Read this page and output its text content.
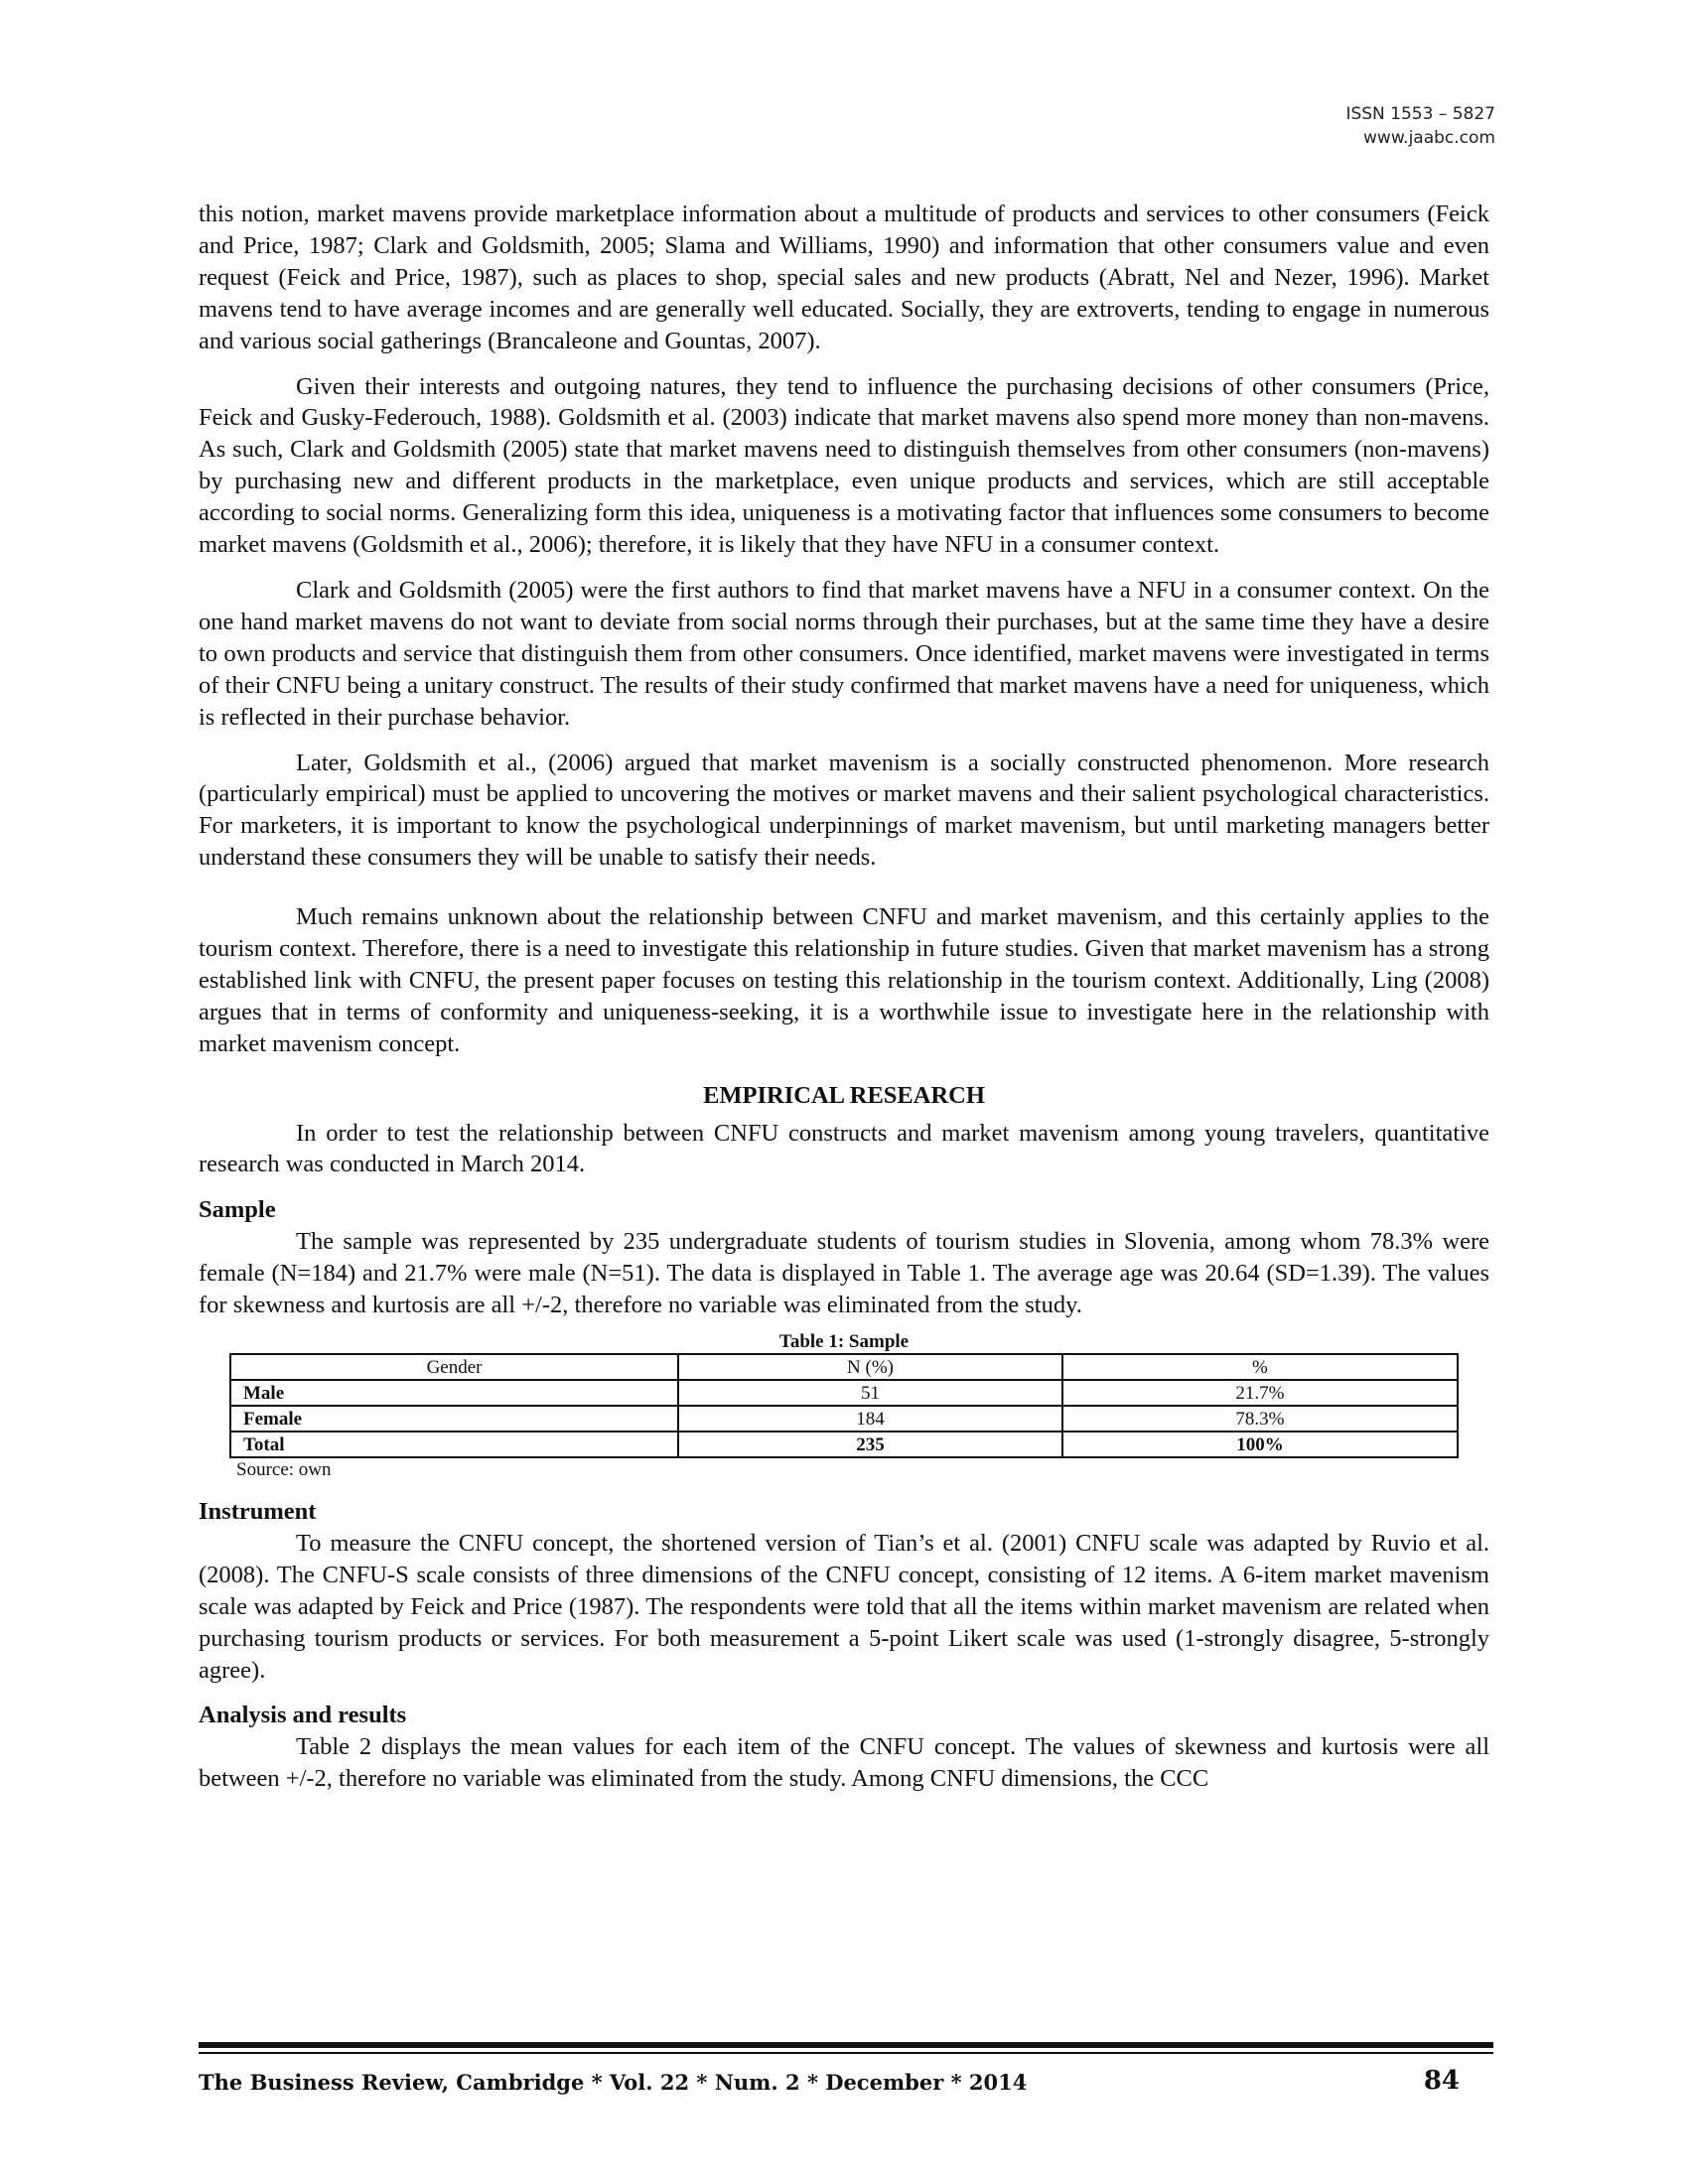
ISSN 1553 – 5827
www.jaabc.com

this notion, market mavens provide marketplace information about a multitude of products and services to other consumers (Feick and Price, 1987; Clark and Goldsmith, 2005; Slama and Williams, 1990) and information that other consumers value and even request (Feick and Price, 1987), such as places to shop, special sales and new products (Abratt, Nel and Nezer, 1996). Market mavens tend to have average incomes and are generally well educated. Socially, they are extroverts, tending to engage in numerous and various social gatherings (Brancaleone and Gountas, 2007).

Given their interests and outgoing natures, they tend to influence the purchasing decisions of other consumers (Price, Feick and Gusky-Federouch, 1988). Goldsmith et al. (2003) indicate that market mavens also spend more money than non-mavens. As such, Clark and Goldsmith (2005) state that market mavens need to distinguish themselves from other consumers (non-mavens) by purchasing new and different products in the marketplace, even unique products and services, which are still acceptable according to social norms. Generalizing form this idea, uniqueness is a motivating factor that influences some consumers to become market mavens (Goldsmith et al., 2006); therefore, it is likely that they have NFU in a consumer context.

Clark and Goldsmith (2005) were the first authors to find that market mavens have a NFU in a consumer context. On the one hand market mavens do not want to deviate from social norms through their purchases, but at the same time they have a desire to own products and service that distinguish them from other consumers. Once identified, market mavens were investigated in terms of their CNFU being a unitary construct. The results of their study confirmed that market mavens have a need for uniqueness, which is reflected in their purchase behavior.

Later, Goldsmith et al., (2006) argued that market mavenism is a socially constructed phenomenon. More research (particularly empirical) must be applied to uncovering the motives or market mavens and their salient psychological characteristics. For marketers, it is important to know the psychological underpinnings of market mavenism, but until marketing managers better understand these consumers they will be unable to satisfy their needs.

Much remains unknown about the relationship between CNFU and market mavenism, and this certainly applies to the tourism context. Therefore, there is a need to investigate this relationship in future studies. Given that market mavenism has a strong established link with CNFU, the present paper focuses on testing this relationship in the tourism context. Additionally, Ling (2008) argues that in terms of conformity and uniqueness-seeking, it is a worthwhile issue to investigate here in the relationship with market mavenism concept.

EMPIRICAL RESEARCH

In order to test the relationship between CNFU constructs and market mavenism among young travelers, quantitative research was conducted in March 2014.

Sample

The sample was represented by 235 undergraduate students of tourism studies in Slovenia, among whom 78.3% were female (N=184) and 21.7% were male (N=51). The data is displayed in Table 1. The average age was 20.64 (SD=1.39). The values for skewness and kurtosis are all +/-2, therefore no variable was eliminated from the study.

Table 1: Sample
Gender	N (%)	%
Male	51	21.7%
Female	184	78.3%
Total	235	100%
Source: own

Instrument

To measure the CNFU concept, the shortened version of Tian’s et al. (2001) CNFU scale was adapted by Ruvio et al. (2008). The CNFU-S scale consists of three dimensions of the CNFU concept, consisting of 12 items. A 6-item market mavenism scale was adapted by Feick and Price (1987). The respondents were told that all the items within market mavenism are related when purchasing tourism products or services. For both measurement a 5-point Likert scale was used (1-strongly disagree, 5-strongly agree).

Analysis and results

Table 2 displays the mean values for each item of the CNFU concept. The values of skewness and kurtosis were all between +/-2, therefore no variable was eliminated from the study. Among CNFU dimensions, the CCC

The Business Review, Cambridge * Vol. 22 * Num. 2 * December * 2014	84
